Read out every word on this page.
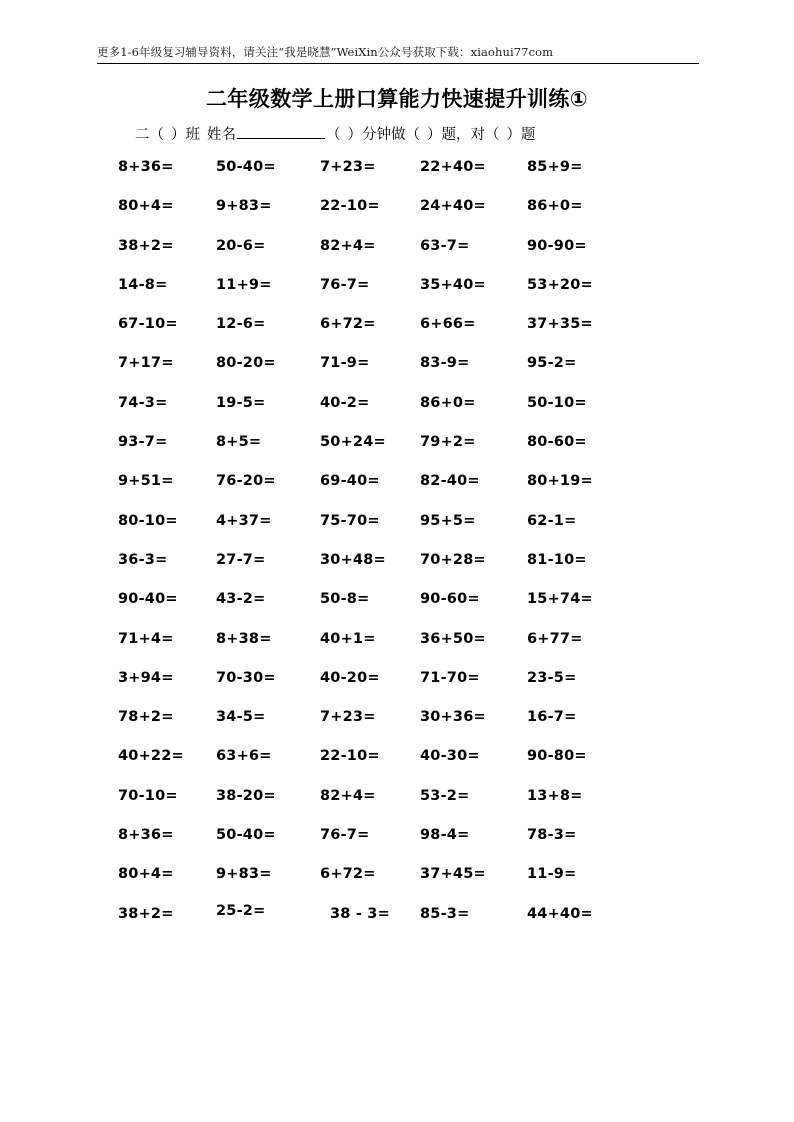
更多1-6年级复习辅导资料，请关注“我是晓慧”WeiXin公众号获取下载：xiaohui77com
二年级数学上册口算能力快速提升训练①
二（
）班 姓名	（
）分钟做（
）题，对（
）题
8+36=	50-40=	7+23=	22+40=	85+9=
80+4=	9+83=	22-10=	24+40=	86+0=
38+2=	20-6=	82+4=	63-7=	90-90=
14-8=	11+9=	76-7=	35+40=	53+20=
67-10=	12-6=	6+72=	6+66=	37+35=
7+17=	80-20=	71-9=	83-9=	95-2=
74-3=	19-5=	40-2=	86+0=	50-10=
93-7=	8+5=	50+24= 79+2=	80-60=
9+51=	76-20=	69-40=	82-40=	80+19=
80-10=	4+37=	75-70=	95+5=	62-1=
36-3=	27-7=	30+48= 70+28=	81-10=
90-40=	43-2=	50-8=	90-60=	15+74=
71+4=	8+38=	40+1=	36+50=	6+77=
3+94=	70-30=	40-20=	71-70=	23-5=
78+2=	34-5=	7+23=	30+36=	16-7=
40+22= 63+6=	22-10=	40-30=	90-80=
70-10=	38-20=	82+4=	53-2=	13+8=
8+36=	50-40=	76-7=	98-4=	78-3=
80+4=	9+83=	6+72=	37+45=	11-9=
38+2=	25-2=	38 - 3= 85-3=	44+40=
